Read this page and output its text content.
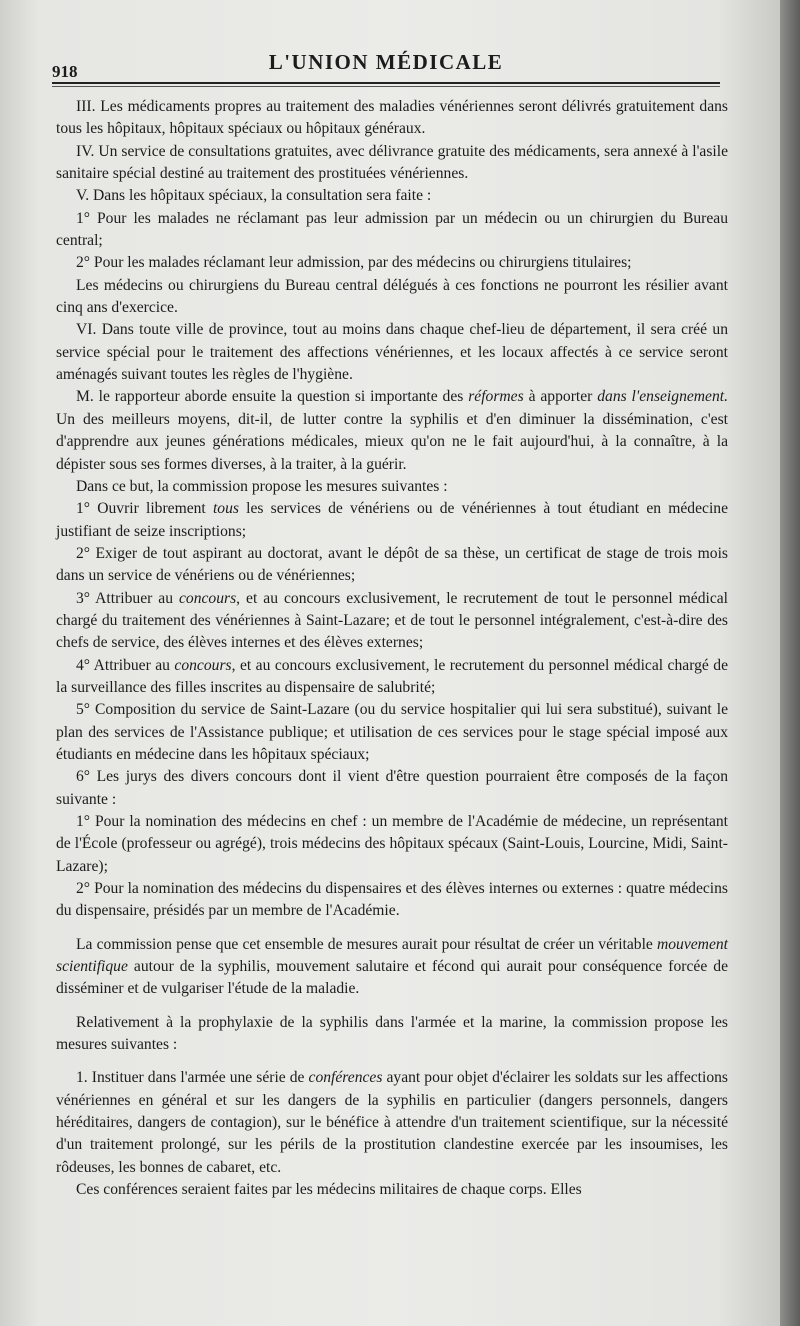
918	L'UNION MÉDICALE

III. Les médicaments propres au traitement des maladies vénériennes seront délivrés gratuitement dans tous les hôpitaux, hôpitaux spéciaux ou hôpitaux généraux.

IV. Un service de consultations gratuites, avec délivrance gratuite des médicaments, sera annexé à l'asile sanitaire spécial destiné au traitement des prostituées vénériennes.

V. Dans les hôpitaux spéciaux, la consultation sera faite :

1° Pour les malades ne réclamant pas leur admission par un médecin ou un chirurgien du Bureau central;

2° Pour les malades réclamant leur admission, par des médecins ou chirurgiens titulaires;

Les médecins ou chirurgiens du Bureau central délégués à ces fonctions ne pourront les résilier avant cinq ans d'exercice.

VI. Dans toute ville de province, tout au moins dans chaque chef-lieu de département, il sera créé un service spécial pour le traitement des affections vénériennes, et les locaux affectés à ce service seront aménagés suivant toutes les règles de l'hygiène.

M. le rapporteur aborde ensuite la question si importante des réformes à apporter dans l'enseignement. Un des meilleurs moyens, dit-il, de lutter contre la syphilis et d'en diminuer la dissémination, c'est d'apprendre aux jeunes générations médicales, mieux qu'on ne le fait aujourd'hui, à la connaître, à la dépister sous ses formes diverses, à la traiter, à la guérir.

Dans ce but, la commission propose les mesures suivantes :

1° Ouvrir librement tous les services de vénériens ou de vénériennes à tout étudiant en médecine justifiant de seize inscriptions;

2° Exiger de tout aspirant au doctorat, avant le dépôt de sa thèse, un certificat de stage de trois mois dans un service de vénériens ou de vénériennes;

3° Attribuer au concours, et au concours exclusivement, le recrutement de tout le personnel médical chargé du traitement des vénériennes à Saint-Lazare; et de tout le personnel intégralement, c'est-à-dire des chefs de service, des élèves internes et des élèves externes;

4° Attribuer au concours, et au concours exclusivement, le recrutement du personnel médical chargé de la surveillance des filles inscrites au dispensaire de salubrité;

5° Composition du service de Saint-Lazare (ou du service hospitalier qui lui sera substitué), suivant le plan des services de l'Assistance publique; et utilisation de ces services pour le stage spécial imposé aux étudiants en médecine dans les hôpitaux spéciaux;

6° Les jurys des divers concours dont il vient d'être question pourraient être composés de la façon suivante :

1° Pour la nomination des médecins en chef : un membre de l'Académie de médecine, un représentant de l'École (professeur ou agrégé), trois médecins des hôpitaux spécaux (Saint-Louis, Lourcine, Midi, Saint-Lazare);

2° Pour la nomination des médecins du dispensaires et des élèves internes ou externes : quatre médecins du dispensaire, présidés par un membre de l'Académie.

La commission pense que cet ensemble de mesures aurait pour résultat de créer un véritable mouvement scientifique autour de la syphilis, mouvement salutaire et fécond qui aurait pour conséquence forcée de disséminer et de vulgariser l'étude de la maladie.

Relativement à la prophylaxie de la syphilis dans l'armée et la marine, la commission propose les mesures suivantes :

1. Instituer dans l'armée une série de conférences ayant pour objet d'éclairer les soldats sur les affections vénériennes en général et sur les dangers de la syphilis en particulier (dangers personnels, dangers héréditaires, dangers de contagion), sur le bénéfice à attendre d'un traitement scientifique, sur la nécessité d'un traitement prolongé, sur les périls de la prostitution clandestine exercée par les insoumises, les rôdeuses, les bonnes de cabaret, etc.

Ces conférences seraient faites par les médecins militaires de chaque corps. Elles
